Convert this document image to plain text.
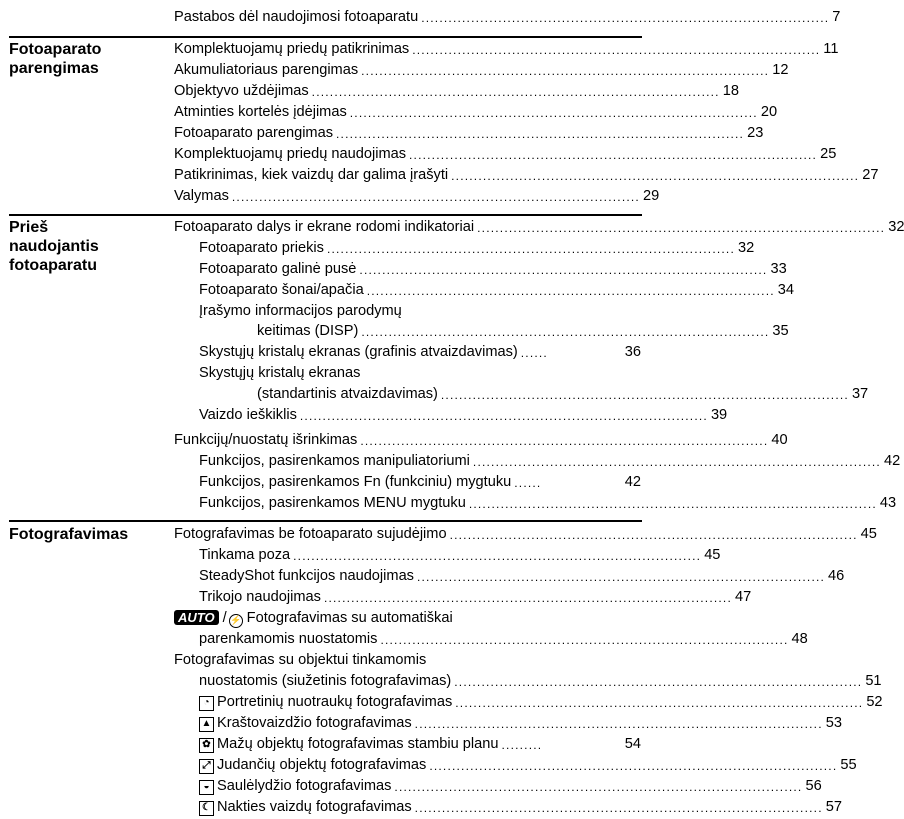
Pastabos dėl naudojimosi fotoaparatu .......................................................................................... 7
Fotoaparato
parengimas
Komplektuojamų priedų patikrinimas .......................................................................................... 11
Akumuliatoriaus parengimas .......................................................................................... 12
Objektyvo uždėjimas .......................................................................................... 18
Atminties kortelės įdėjimas .......................................................................................... 20
Fotoaparato parengimas .......................................................................................... 23
Komplektuojamų priedų naudojimas .......................................................................................... 25
Patikrinimas, kiek vaizdų dar galima įrašyti .......................................................................................... 27
Valymas .......................................................................................... 29
Prieš
naudojantis
fotoaparatu
Fotoaparato dalys ir ekrane rodomi indikatoriai .......................................................................................... 32
Fotoaparato priekis .......................................................................................... 32
Fotoaparato galinė pusė .......................................................................................... 33
Fotoaparato šonai/apačia .......................................................................................... 34
Įrašymo informacijos parodymų
keitimas (DISP) .......................................................................................... 35
Skystųjų kristalų ekranas (grafinis atvaizdavimas) ......	36
Skystųjų kristalų ekranas
(standartinis atvaizdavimas) .......................................................................................... 37
Vaizdo ieškiklis .......................................................................................... 39
Funkcijų/nuostatų išrinkimas .......................................................................................... 40
Funkcijos, pasirenkamos manipuliatoriumi .......................................................................................... 42
Funkcijos, pasirenkamos Fn (funkciniu) mygtuku ......	42
Funkcijos, pasirenkamos MENU mygtuku .......................................................................................... 43
Fotografavimas	Fotografavimas be fotoaparato sujudėjimo .......................................................................................... 45
Tinkama poza .......................................................................................... 45
SteadyShot funkcijos naudojimas .......................................................................................... 46
Trikojo naudojimas .......................................................................................... 47
AUTO / ⚡ Fotografavimas su automatiškai
parenkamomis nuostatomis .......................................................................................... 48
Fotografavimas su objektui tinkamomis
nuostatomis (siužetinis fotografavimas) .......................................................................................... 51
◔ Portretinių nuotraukų fotografavimas .......................................................................................... 52
▲ Kraštovaizdžio fotografavimas .......................................................................................... 53
✿ Mažų objektų fotografavimas stambiu planu .........	54
⤢ Judančių objektų fotografavimas .......................................................................................... 55
◒ Saulėlydžio fotografavimas .......................................................................................... 56
☾ Nakties vaizdų fotografavimas .......................................................................................... 57
